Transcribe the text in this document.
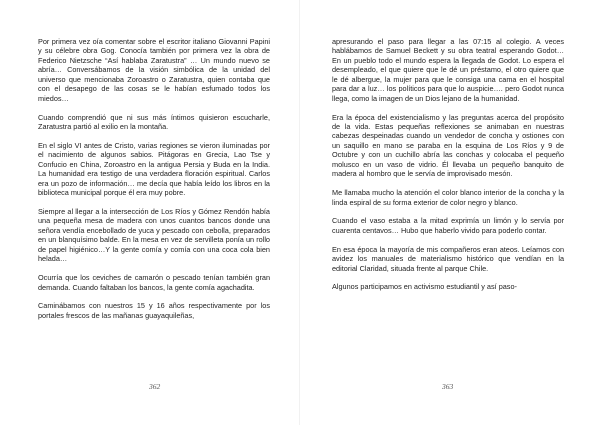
Por primera vez oía comentar sobre el escritor italiano Giovanni Papini y su célebre obra Gog. Conocía también por primera vez la obra de Federico Nietzsche “Así hablaba Zaratustra” … Un mundo nuevo se abría… Conversábamos de la visión simbólica de la unidad del universo que mencionaba Zoroastro o Zaratustra, quien contaba que con el desapego de las cosas se le habían esfumado todos los miedos…

Cuando comprendió que ni sus más íntimos quisieron escucharle, Zaratustra partió al exilio en la montaña.

En el siglo VI antes de Cristo, varias regiones se vieron iluminadas por el nacimiento de algunos sabios. Pitágoras en Grecia, Lao Tse y Confucio en China, Zoroastro en la antigua Persia y Buda en la India. La humanidad era testigo de una verdadera floración espiritual. Carlos era un pozo de información… me decía que había leído los libros en la biblioteca municipal porque él era muy pobre.

Siempre al llegar a la intersección de Los Ríos y Gómez Rendón había una pequeña mesa de madera con unos cuantos bancos donde una señora vendía encebollado de yuca y pescado con cebolla, preparados en un blanquísimo balde. En la mesa en vez de servilleta ponía un rollo de papel higiénico…Y la gente comía y comía con una coca cola bien helada…

Ocurría que los ceviches de camarón o pescado tenían también gran demanda. Cuando faltaban los bancos, la gente comía agachadita.

Caminábamos con nuestros 15 y 16 años respectivamente por los portales frescos de las mañanas guayaquileñas,

362

apresurando el paso para llegar a las 07:15 al colegio. A veces hablábamos de Samuel Beckett y su obra teatral esperando Godot…En un pueblo todo el mundo espera la llegada de Godot. Lo espera el desempleado, el que quiere que le dé un préstamo, el otro quiere que le dé albergue, la mujer para que le consiga una cama en el hospital para dar a luz… los políticos para que lo auspicie…. pero Godot nunca llega, como la imagen de un Dios lejano de la humanidad.

Era la época del existencialismo y las preguntas acerca del propósito de la vida. Estas pequeñas reflexiones se animaban en nuestras cabezas despeinadas cuando un vendedor de concha y ostiones con un saquillo en mano se paraba en la esquina de Los Ríos y 9 de Octubre y con un cuchillo abría las conchas y colocaba el pequeño molusco en un vaso de vidrio. Él llevaba un pequeño banquito de madera al hombro que le servía de improvisado mesón.

Me llamaba mucho la atención el color blanco interior de la concha y la linda espiral de su forma exterior de color negro y blanco.

Cuando el vaso estaba a la mitad exprimía un limón y lo servía por cuarenta centavos… Hubo que haberlo vivido para poderlo contar.

En esa época la mayoría de mis compañeros eran ateos. Leíamos con avidez los manuales de materialismo histórico que vendían en la editorial Claridad, situada frente al parque Chile.

Algunos participamos en activismo estudiantil y así paso-

363
